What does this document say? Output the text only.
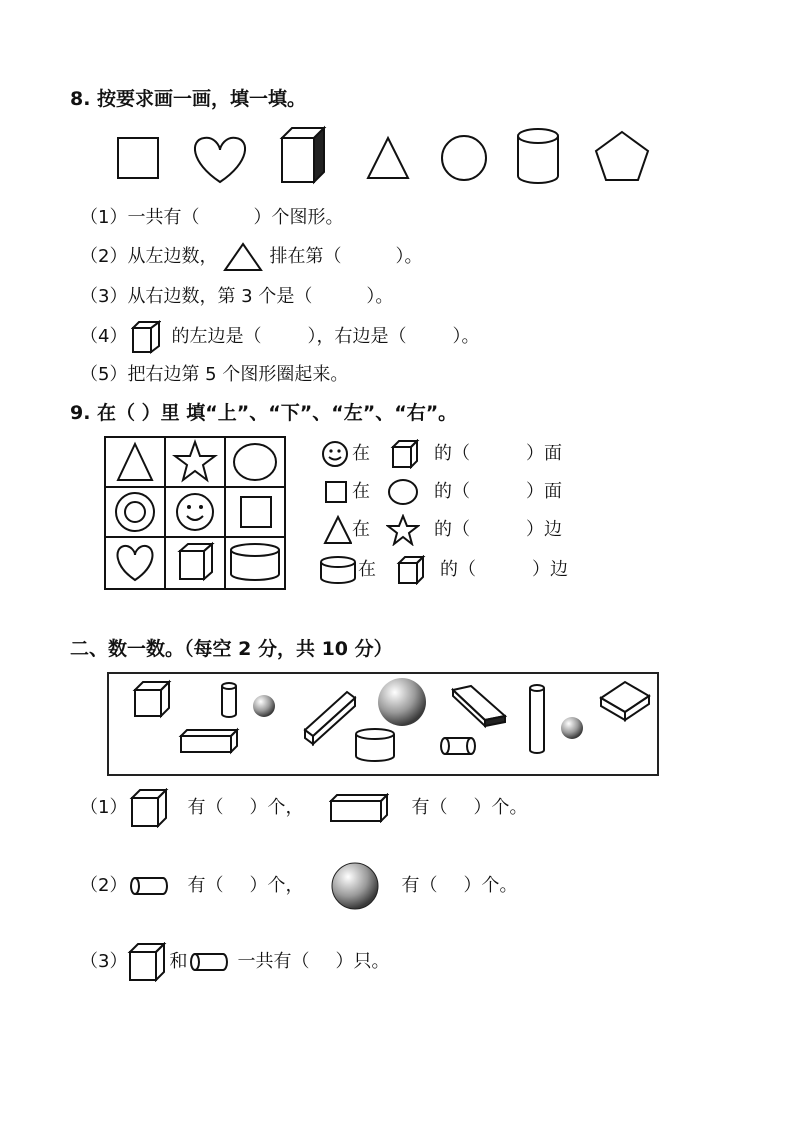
8. 按要求画一画，填一填。
（1）一共有（	）个图形。
（2）从左边数，	排在第（	）。
（3）从右边数，第 3 个是（	）。
（4） 的左边是（	），右边是（	）。
（5）把右边第 5 个图形圈起来。
9. 在（ ）里 填“上”、“下”、“左”、“右”。
在	的（	）面
在	的（	）面
在	的（	）边
在	的（	）边
二、数一数。（每空 2 分，共 10 分）
（1）	有（ ）个，	有（ ）个。
（2）	有（ ）个，	有（ ）个。
（3） 和	一共有（ ）只。
